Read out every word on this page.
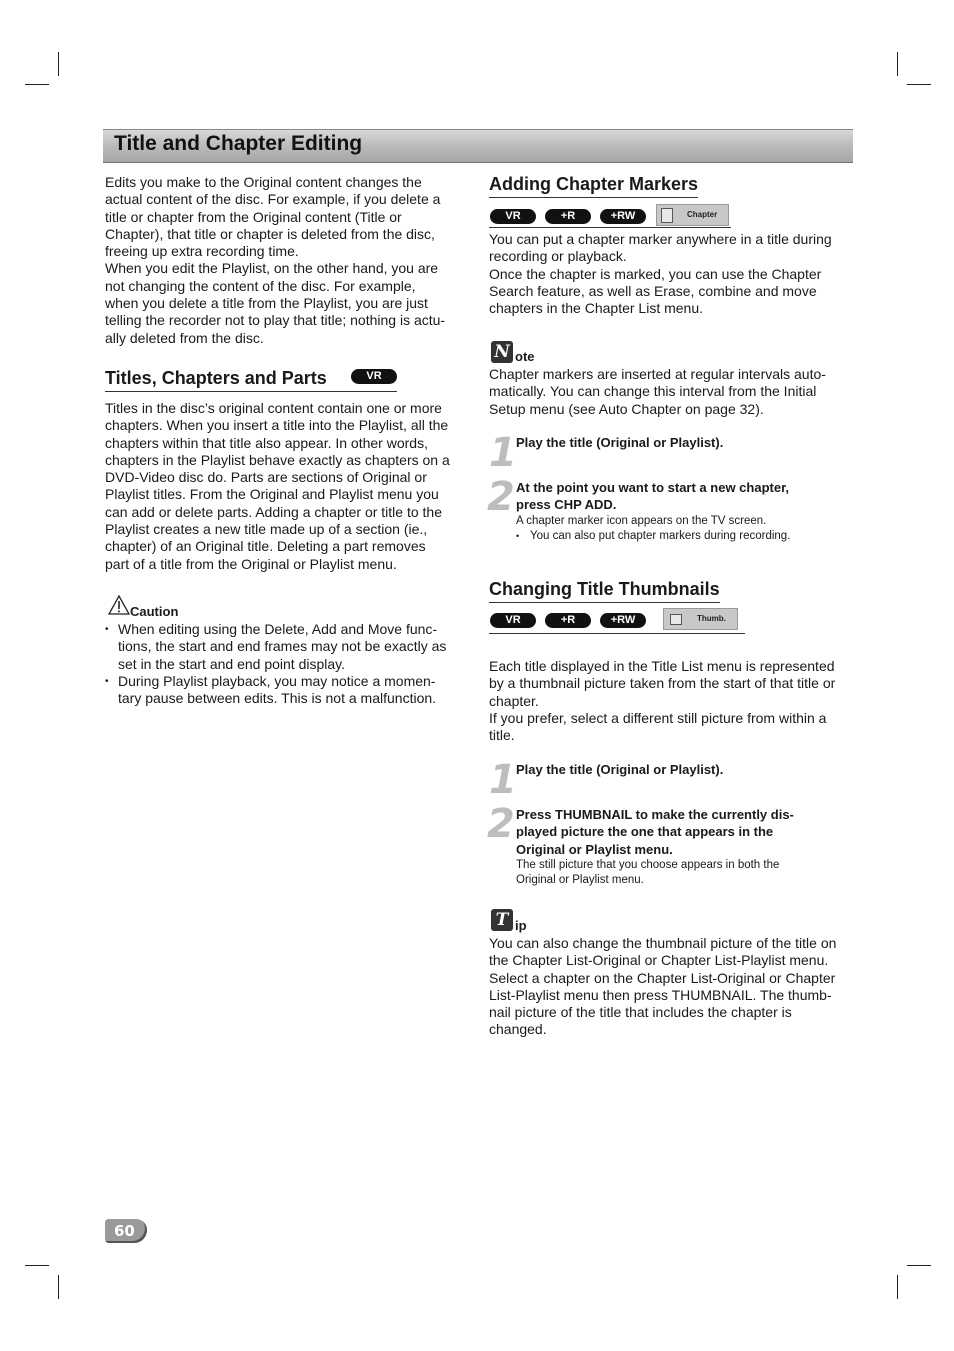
Title and Chapter Editing
Edits you make to the Original content changes the
actual content of the disc. For example, if you delete a
title or chapter from the Original content (Title or
Chapter), that title or chapter is deleted from the disc,
freeing up extra recording time.
When you edit the Playlist, on the other hand, you are
not changing the content of the disc. For example,
when you delete a title from the Playlist, you are just
telling the recorder not to play that title; nothing is actu-
ally deleted from the disc.
Titles, Chapters and Parts	VR
Titles in the disc’s original content contain one or more
chapters. When you insert a title into the Playlist, all the
chapters within that title also appear. In other words,
chapters in the Playlist behave exactly as chapters on a
DVD-Video disc do. Parts are sections of Original or
Playlist titles. From the Original and Playlist menu you
can add or delete parts. Adding a chapter or title to the
Playlist creates a new title made up of a section (ie.,
chapter) of an Original title. Deleting a part removes
part of a title from the Original or Playlist menu.
Caution
• When editing using the Delete, Add and Move func-
tions, the start and end frames may not be exactly as
set in the start and end point display.
• During Playlist playback, you may notice a momen-
tary pause between edits. This is not a malfunction.
Adding Chapter Markers
VR	+R	+RW	Chapter
You can put a chapter marker anywhere in a title during
recording or playback.
Once the chapter is marked, you can use the Chapter
Search feature, as well as Erase, combine and move
chapters in the Chapter List menu.
N ote
Chapter markers are inserted at regular intervals auto-
matically. You can change this interval from the Initial
Setup menu (see Auto Chapter on page 32).
1 Play the title (Original or Playlist).
2 At the point you want to start a new chapter,
press CHP ADD.
A chapter marker icon appears on the TV screen.
• You can also put chapter markers during recording.
Changing Title Thumbnails
VR	+R	+RW	Thumb.
Each title displayed in the Title List menu is represented
by a thumbnail picture taken from the start of that title or
chapter.
If you prefer, select a different still picture from within a
title.
1 Play the title (Original or Playlist).
2 Press THUMBNAIL to make the currently dis-
played picture the one that appears in the
Original or Playlist menu.
The still picture that you choose appears in both the
Original or Playlist menu.
T ip
You can also change the thumbnail picture of the title on
the Chapter List-Original or Chapter List-Playlist menu.
Select a chapter on the Chapter List-Original or Chapter
List-Playlist menu then press THUMBNAIL. The thumb-
nail picture of the title that includes the chapter is
changed.
60
